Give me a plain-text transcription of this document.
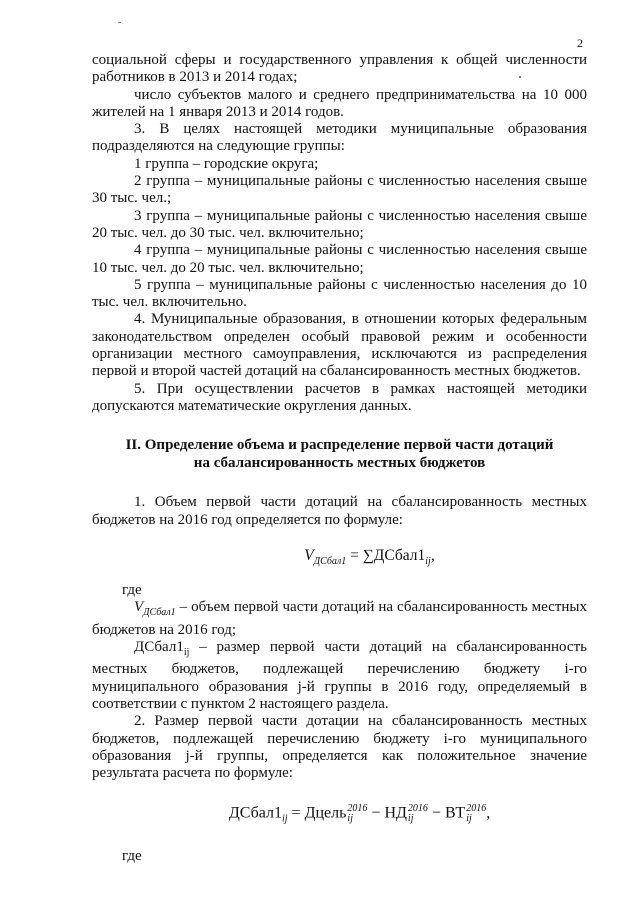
2

социальной сферы и государственного управления к общей численности работников в 2013 и 2014 годах;

число субъектов малого и среднего предпринимательства на 10 000 жителей на 1 января 2013 и 2014 годов.

3. В целях настоящей методики муниципальные образования подразделяются на следующие группы:

1 группа – городские округа;

2 группа – муниципальные районы с численностью населения свыше 30 тыс. чел.;

3 группа – муниципальные районы с численностью населения свыше 20 тыс. чел. до 30 тыс. чел. включительно;

4 группа – муниципальные районы с численностью населения свыше 10 тыс. чел. до 20 тыс. чел. включительно;

5 группа – муниципальные районы с численностью населения до 10 тыс. чел. включительно.

4. Муниципальные образования, в отношении которых федеральным законодательством определен особый правовой режим и особенности организации местного самоуправления, исключаются из распределения первой и второй частей дотаций на сбалансированность местных бюджетов.

5. При осуществлении расчетов в рамках настоящей методики допускаются математические округления данных.

II. Определение объема и распределение первой части дотаций
на сбалансированность местных бюджетов

1. Объем первой части дотаций на сбалансированность местных бюджетов на 2016 год определяется по формуле:

$V_{ДСбал1}$ = $\sum ДСбал1_{ij}$,

где

$V_{ДСбал1}$ – объем первой части дотаций на сбалансированность местных бюджетов на 2016 год;

$ДСбал1_{ij}$ – размер первой части дотаций на сбалансированность местных бюджетов, подлежащей перечислению бюджету i-го муниципального образования j-й группы в 2016 году, определяемый в соответствии с пунктом 2 настоящего раздела.

2. Размер первой части дотации на сбалансированность местных бюджетов, подлежащей перечислению бюджету i-го муниципального образования j-й группы, определяется как положительное значение результата расчета по формуле:

$ДСбал1_{ij}$ = Дцель 2016
ij − НД 2016
ij − ВТ 2016
ij ,

где
